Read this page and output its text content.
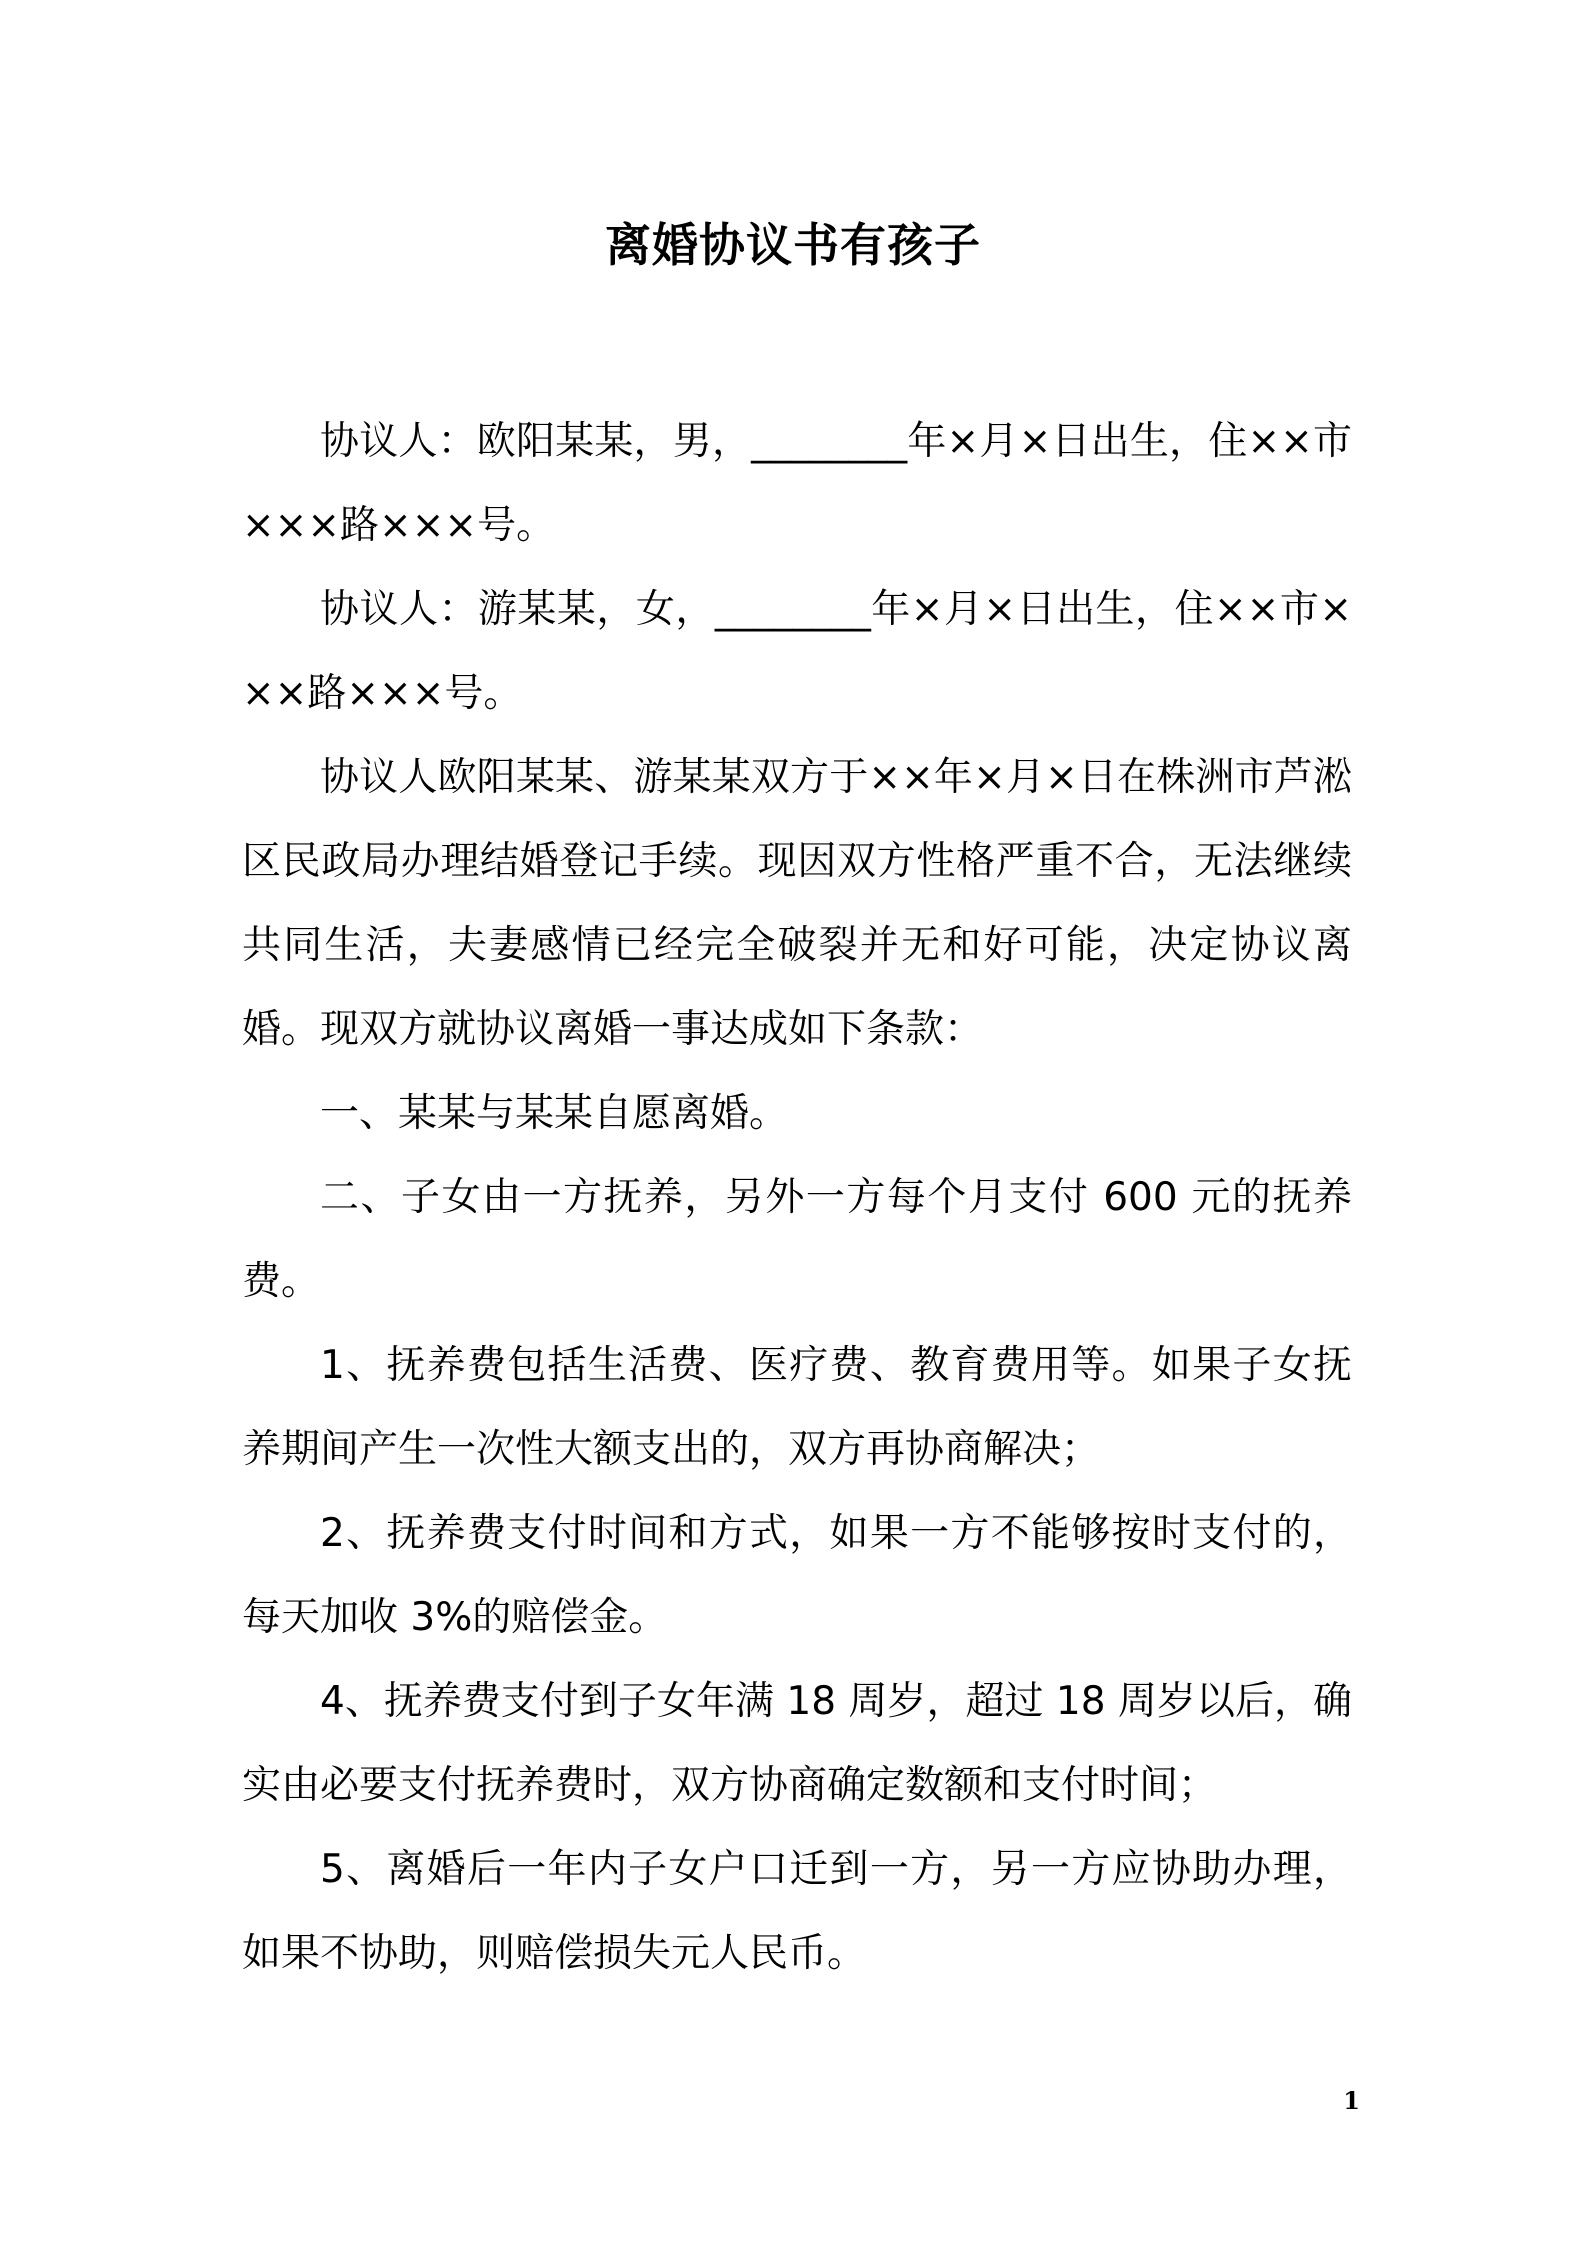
离婚协议书有孩子

协议人：欧阳某某，男，________年×月×日出生，住××市×××路×××号。

协议人：游某某，女，________年×月×日出生，住××市×××路×××号。

协议人欧阳某某、游某某双方于××年×月×日在株洲市芦淞区民政局办理结婚登记手续。现因双方性格严重不合，无法继续共同生活，夫妻感情已经完全破裂并无和好可能，决定协议离婚。现双方就协议离婚一事达成如下条款：

一、某某与某某自愿离婚。

二、子女由一方抚养，另外一方每个月支付 600 元的抚养费。

1、抚养费包括生活费、医疗费、教育费用等。如果子女抚养期间产生一次性大额支出的，双方再协商解决；

2、抚养费支付时间和方式，如果一方不能够按时支付的，每天加收 3%的赔偿金。

4、抚养费支付到子女年满 18 周岁，超过 18 周岁以后，确实由必要支付抚养费时，双方协商确定数额和支付时间；

5、离婚后一年内子女户口迁到一方，另一方应协助办理，如果不协助，则赔偿损失元人民币。

1
